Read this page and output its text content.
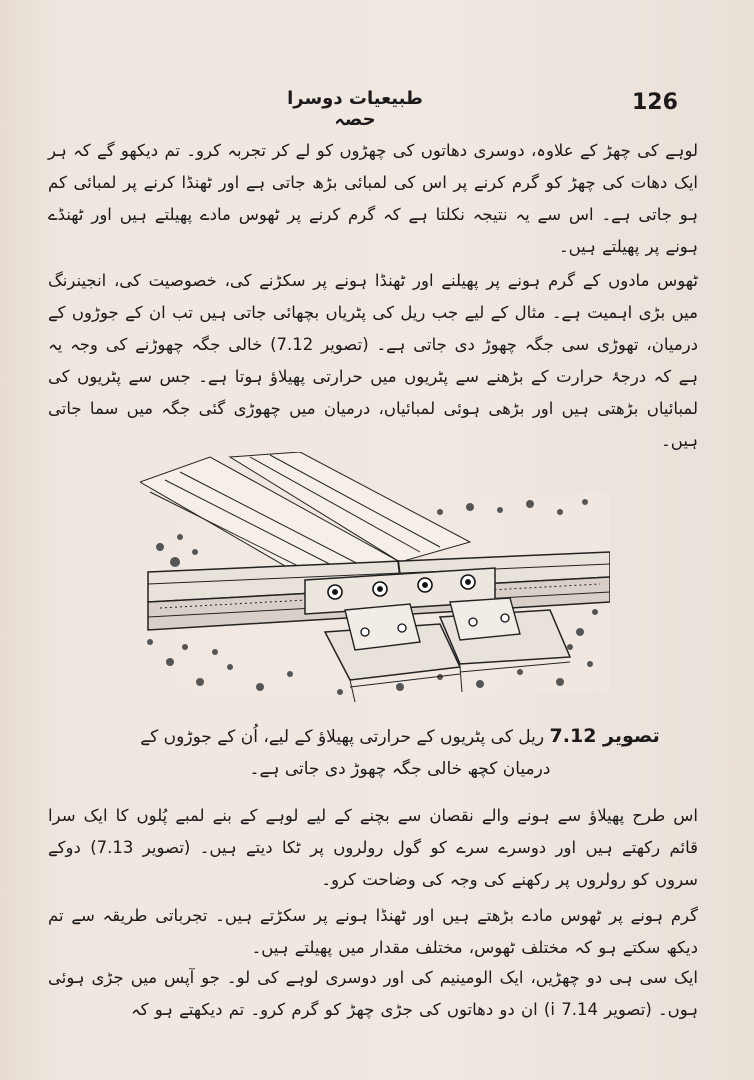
طبیعیات دوسرا حصہ
126
لوہے کی چھڑ کے علاوہ، دوسری دھاتوں کی چھڑوں کو لے کر تجربہ کرو۔ تم دیکھو گے کہ ہر ایک دھات کی چھڑ کو گرم کرنے پر اس کی لمبائی بڑھ جاتی ہے اور ٹھنڈا کرنے پر لمبائی کم ہو جاتی ہے۔ اس سے یہ نتیجہ نکلتا ہے کہ گرم کرنے پر ٹھوس مادے پھیلتے ہیں اور ٹھنڈے ہونے پر پھیلتے ہیں۔
ٹھوس مادوں کے گرم ہونے پر پھیلنے اور ٹھنڈا ہونے پر سکڑنے کی، خصوصیت کی، انجینرنگ میں بڑی اہمیت ہے۔ مثال کے لیے جب ریل کی پٹریاں بچھائی جاتی ہیں تب ان کے جوڑوں کے درمیان، تھوڑی سی جگہ چھوڑ دی جاتی ہے۔ (تصویر 7.12) خالی جگہ چھوڑنے کی وجہ یہ ہے کہ درجۂ حرارت کے بڑھنے سے پٹریوں میں حرارتی پھیلاؤ ہوتا ہے۔ جس سے پٹریوں کی لمبائیاں بڑھتی ہیں اور بڑھی ہوئی لمبائیاں، درمیان میں چھوڑی گئی جگہ میں سما جاتی ہیں۔
تصویر 7.12 ریل کی پٹریوں کے حرارتی پھیلاؤ کے لیے، اُن کے جوڑوں کے
درمیان کچھ خالی جگہ چھوڑ دی جاتی ہے۔
اس طرح پھیلاؤ سے ہونے والے نقصان سے بچنے کے لیے لوہے کے بنے لمبے پُلوں کا ایک سرا قائم رکھتے ہیں اور دوسرے سرے کو گول رولروں پر ٹکا دیتے ہیں۔ (تصویر 7.13) دوکے سروں کو رولروں پر رکھنے کی وجہ کی وضاحت کرو۔
گرم ہونے پر ٹھوس مادے بڑھتے ہیں اور ٹھنڈا ہونے پر سکڑتے ہیں۔ تجرباتی طریقہ سے تم دیکھ سکتے ہو کہ مختلف ٹھوس، مختلف مقدار میں پھیلتے ہیں۔
ایک سی ہی دو چھڑیں، ایک الومینیم کی اور دوسری لوہے کی لو۔ جو آپس میں جڑی ہوئی ہوں۔ (تصویر 7.14 i) ان دو دھاتوں کی جڑی چھڑ کو گرم کرو۔ تم دیکھتے ہو کہ
